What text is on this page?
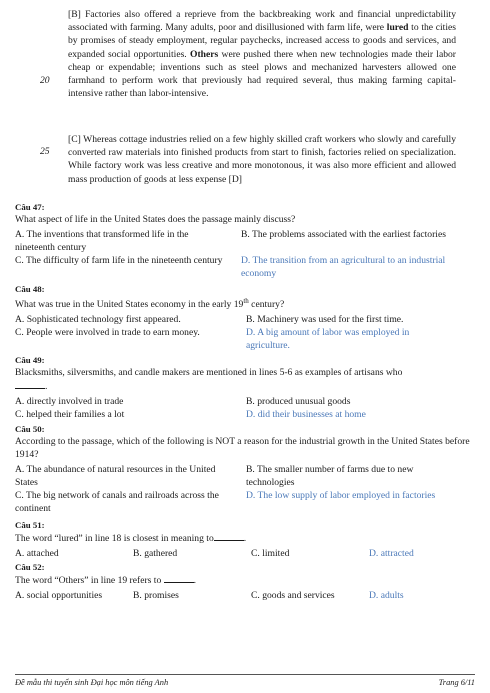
[B] Factories also offered a reprieve from the backbreaking work and financial unpredictability associated with farming. Many adults, poor and disillusioned with farm life, were lured to the cities by promises of steady employment, regular paychecks, increased access to goods and services, and expanded social opportunities. Others were pushed there when new technologies made their labor cheap or expendable; inventions such as steel plows and mechanized harvesters allowed one farmhand to perform work that previously had required several, thus making farming capital-intensive rather than labor-intensive.

20

[C] Whereas cottage industries relied on a few highly skilled craft workers who slowly and carefully converted raw materials into finished products from start to finish, factories relied on specialization. While factory work was less creative and more monotonous, it was also more efficient and allowed mass production of goods at less expense [D]

25
Câu 47:
What aspect of life in the United States does the passage mainly discuss?
A. The inventions that transformed life in the nineteenth century
B. The problems associated with the earliest factories
C. The difficulty of farm life in the nineteenth century	D. The transition from an agricultural to an industrial economy
Câu 48:
What was true in the United States economy in the early 19th century?
A. Sophisticated technology first appeared.	B. Machinery was used for the first time.
C. People were involved in trade to earn money.	D. A big amount of labor was employed in agriculture.
Câu 49:
Blacksmiths, silversmiths, and candle makers are mentioned in lines 5-6 as examples of artisans who
.
A. directly involved in trade	B. produced unusual goods
C. helped their families a lot	D. did their businesses at home
Câu 50:
According to the passage, which of the following is NOT a reason for the industrial growth in the United States before 1914?
A. The abundance of natural resources in the United States
B. The smaller number of farms due to new technologies
C. The big network of canals and railroads across the continent
D. The low supply of labor employed in factories
Câu 51:
The word “lured” in line 18 is closest in meaning to	.
A. attached	B. gathered	C. limited	D. attracted
Câu 52:
The word “Others” in line 19 refers to	.
A. social opportunities	B. promises	C. goods and services	D. adults
Đề mẫu thi tuyển sinh Đại học môn tiếng Anh	Trang 6/11
